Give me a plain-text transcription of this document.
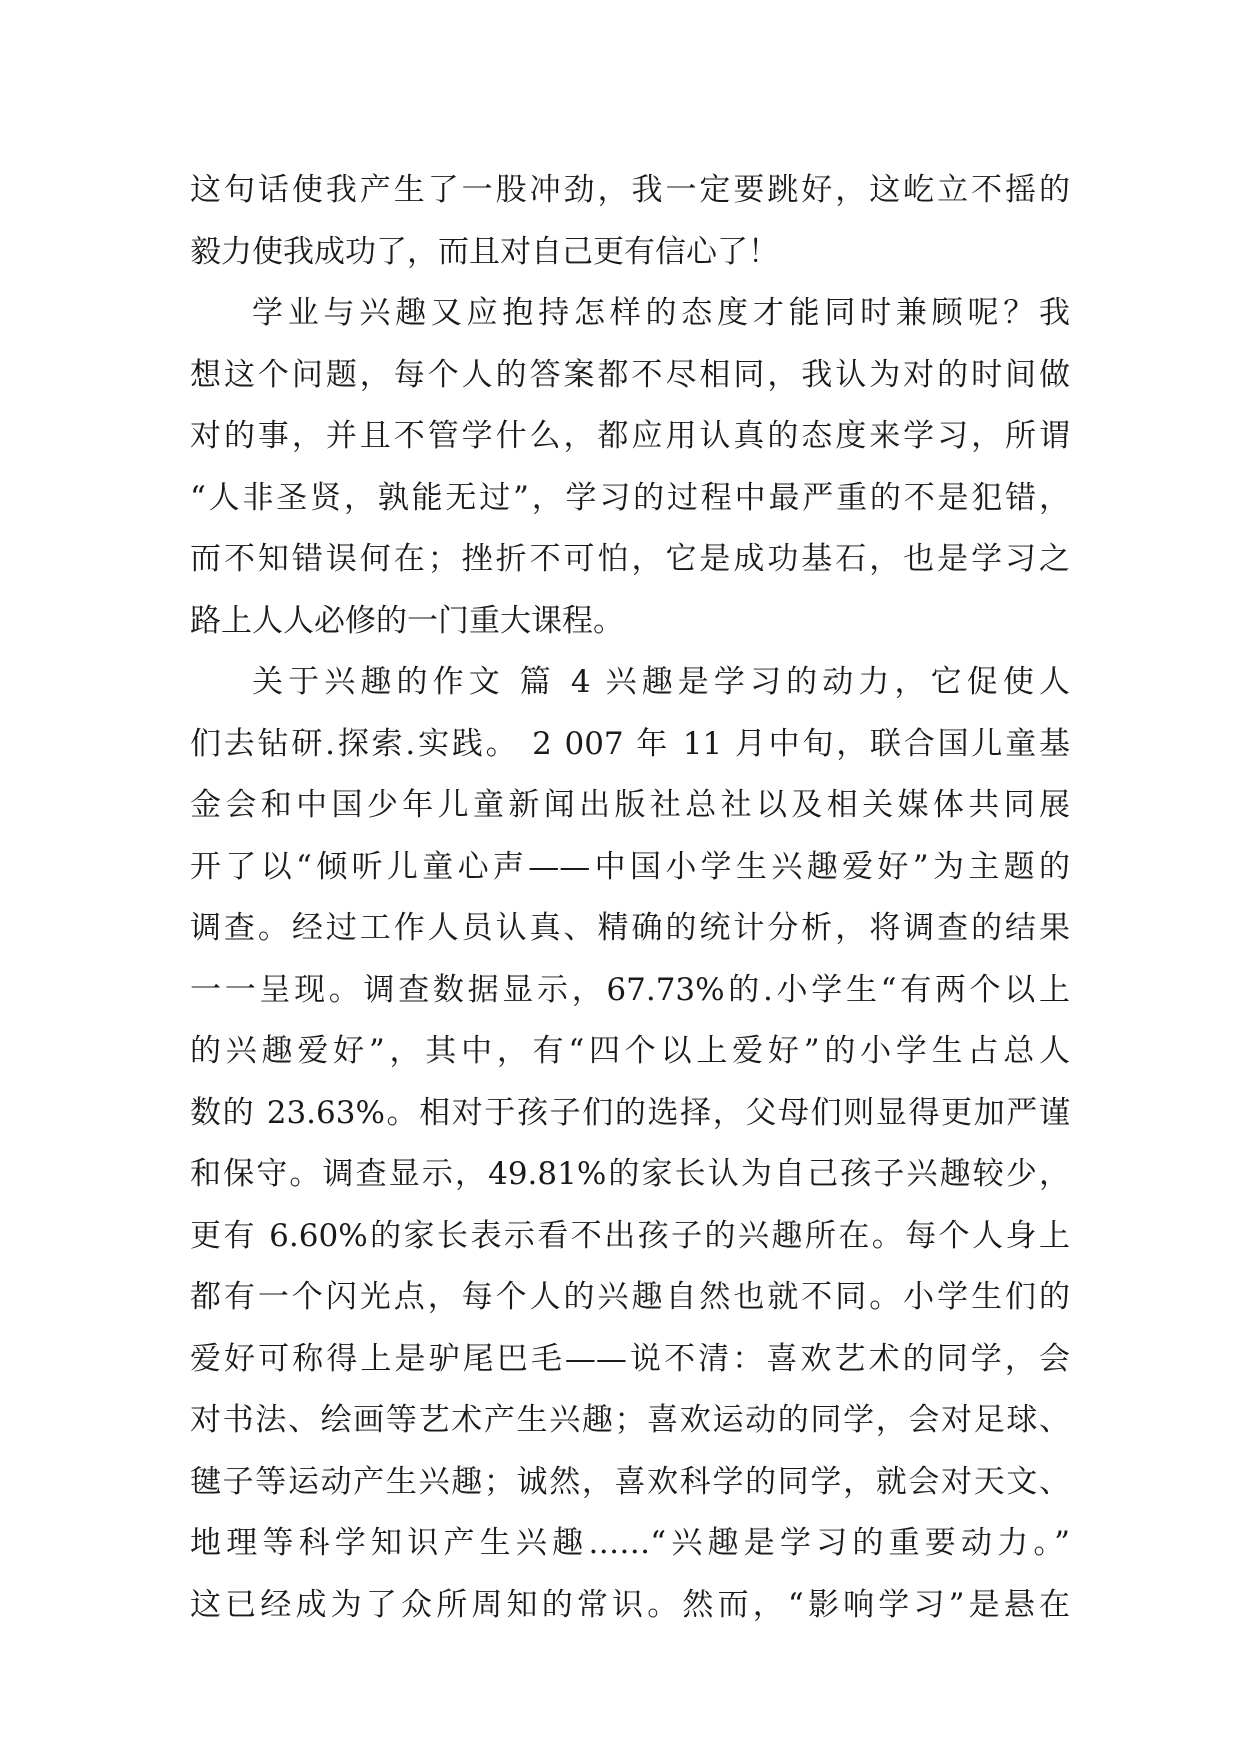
这句话使我产生了一股冲劲，我一定要跳好，这屹立不摇的
毅力使我成功了，而且对自己更有信心了！
学业与兴趣又应抱持怎样的态度才能同时兼顾呢？我
想这个问题，每个人的答案都不尽相同，我认为对的时间做
对的事，并且不管学什么，都应用认真的态度来学习，所谓
“人非圣贤，孰能无过”，学习的过程中最严重的不是犯错，
而不知错误何在；挫折不可怕，它是成功基石，也是学习之
路上人人必修的一门重大课程。
关于兴趣的作文 篇 4 兴趣是学习的动力，它促使人
们去钻研.探索.实践。 2 007 年 11 月中旬，联合国儿童基
金会和中国少年儿童新闻出版社总社以及相关媒体共同展
开了以“倾听儿童心声——中国小学生兴趣爱好”为主题的
调查。经过工作人员认真、精确的统计分析，将调查的结果
一一呈现。调查数据显示，67.73%的.小学生“有两个以上
的兴趣爱好”，其中，有“四个以上爱好”的小学生占总人
数的 23.63%。相对于孩子们的选择，父母们则显得更加严谨
和保守。调查显示，49.81%的家长认为自己孩子兴趣较少，
更有 6.60%的家长表示看不出孩子的兴趣所在。每个人身上
都有一个闪光点，每个人的兴趣自然也就不同。小学生们的
爱好可称得上是驴尾巴毛——说不清：喜欢艺术的同学，会
对书法、绘画等艺术产生兴趣；喜欢运动的同学，会对足球、
毽子等运动产生兴趣；诚然，喜欢科学的同学，就会对天文、
地理等科学知识产生兴趣……“兴趣是学习的重要动力。”
这已经成为了众所周知的常识。然而，“影响学习”是悬在
